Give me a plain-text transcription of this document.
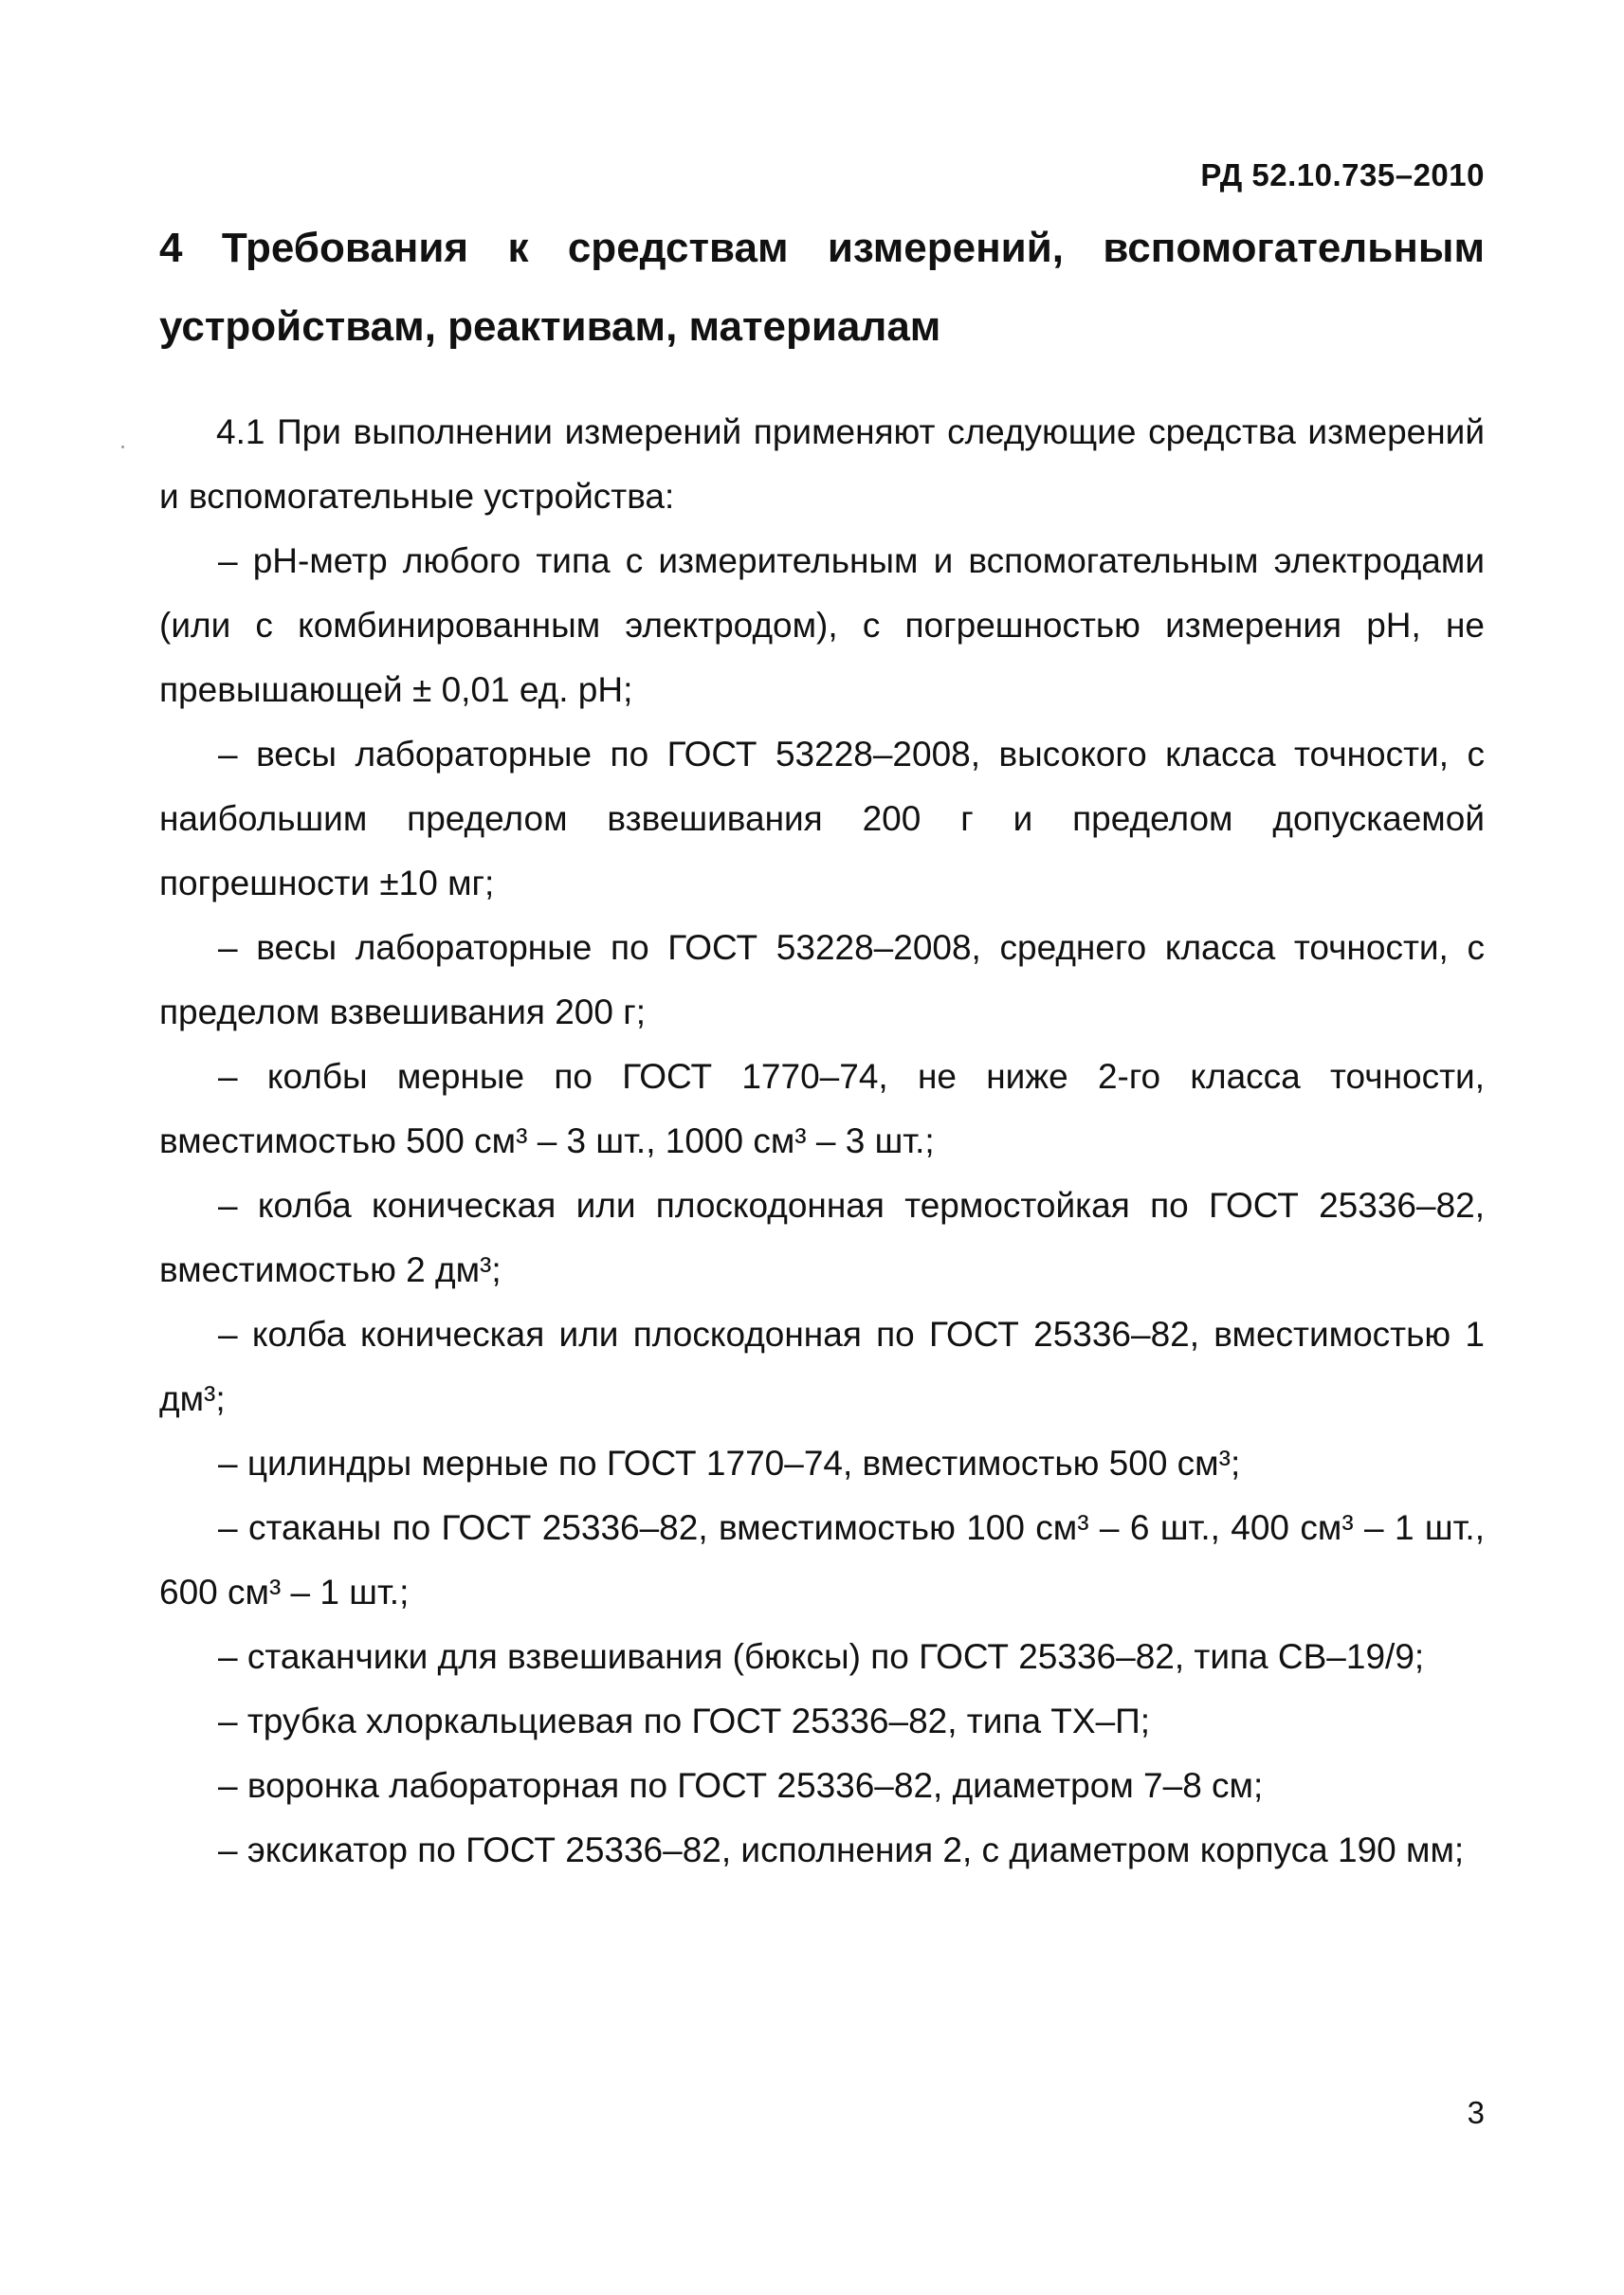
РД 52.10.735–2010
4 Требования к средствам измерений, вспомогательным устройствам, реактивам, материалам

4.1 При выполнении измерений применяют следующие средства измерений и вспомогательные устройства:

– pH-метр любого типа с измерительным и вспомогательным электродами (или с комбинированным электродом), с погрешностью измерения pH, не превышающей ± 0,01 ед. pH;

– весы лабораторные по ГОСТ 53228–2008, высокого класса точности, с наибольшим пределом взвешивания 200 г и пределом допускаемой погрешности ±10 мг;

– весы лабораторные по ГОСТ 53228–2008, среднего класса точности, с пределом взвешивания 200 г;

– колбы мерные по ГОСТ 1770–74, не ниже 2-го класса точности, вместимостью 500 см³ – 3 шт., 1000 см³ – 3 шт.;

– колба коническая или плоскодонная термостойкая по ГОСТ 25336–82, вместимостью 2 дм³;

– колба коническая или плоскодонная по ГОСТ 25336–82, вместимостью 1 дм³;

– цилиндры мерные по ГОСТ 1770–74, вместимостью 500 см³;

– стаканы по ГОСТ 25336–82, вместимостью 100 см³ – 6 шт., 400 см³ – 1 шт., 600 см³ – 1 шт.;

– стаканчики для взвешивания (бюксы) по ГОСТ 25336–82, типа СВ–19/9;

– трубка хлоркальциевая по ГОСТ 25336–82, типа ТХ–П;

– воронка лабораторная по ГОСТ 25336–82, диаметром 7–8 см;

– эксикатор по ГОСТ 25336–82, исполнения 2, с диаметром корпуса 190 мм;

3
